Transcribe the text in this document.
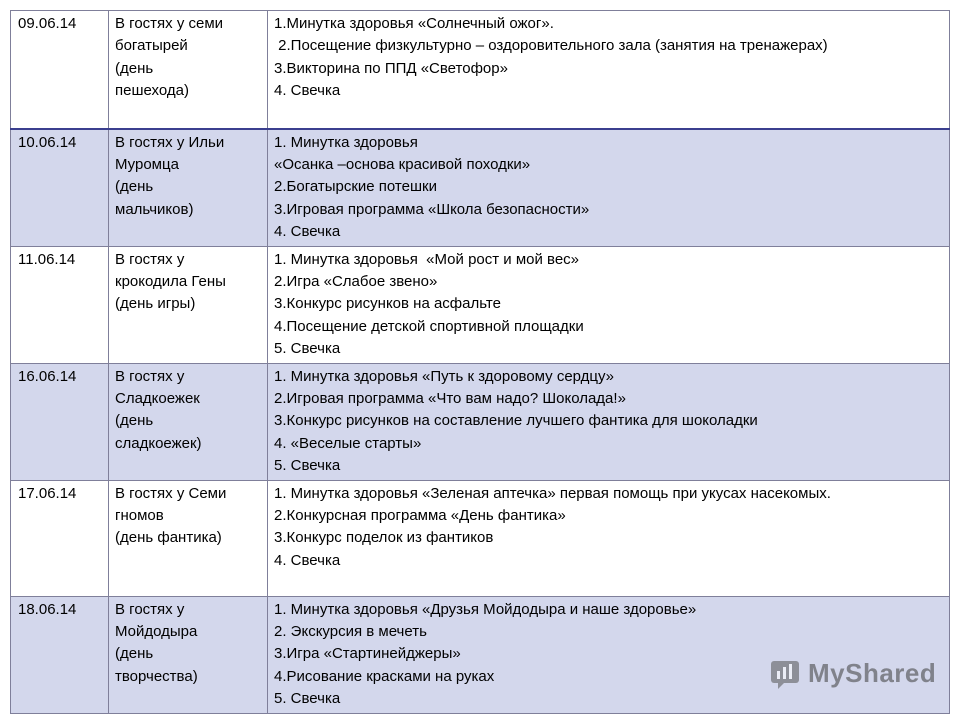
09.06.14	В гостях у семи
богатырей
(день
пешехода)	1.Минутка здоровья «Солнечный ожог».
2.Посещение физкультурно – оздоровительного зала (занятия на тренажерах)
3.Викторина по ППД «Светофор»
4. Свечка

10.06.14	В гостях у Ильи
Муромца
(день
мальчиков)	1. Минутка здоровья
«Осанка –основа красивой походки»
2.Богатырские потешки
3.Игровая программа «Школа безопасности»
4. Свечка

11.06.14	В гостях у
крокодила Гены
(день игры)	1. Минутка здоровья  «Мой рост и мой вес»
2.Игра «Слабое звено»
3.Конкурс рисунков на асфальте
4.Посещение детской спортивной площадки
5. Свечка

16.06.14	В гостях у
Сладкоежек
(день
сладкоежек)	1. Минутка здоровья «Путь к здоровому сердцу»
2.Игровая программа «Что вам надо? Шоколада!»
3.Конкурс рисунков на составление лучшего фантика для шоколадки
4. «Веселые старты»
5. Свечка

17.06.14	В гостях у Семи
гномов
(день фантика)	1. Минутка здоровья «Зеленая аптечка» первая помощь при укусах насекомых.
2.Конкурсная программа «День фантика»
3.Конкурс поделок из фантиков
4. Свечка

18.06.14	В гостях у
Мойдодыра
(день
творчества)	1. Минутка здоровья «Друзья Мойдодыра и наше здоровье»
2. Экскурсия в мечеть
3.Игра «Стартинейджеры»
4.Рисование красками на руках
5. Свечка
MyShared
